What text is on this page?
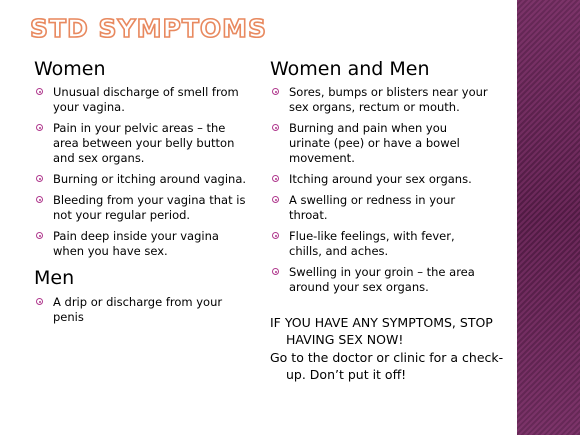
STD SYMPTOMS
Women
Unusual discharge of smell from your vagina.
Pain in your pelvic areas – the area between your belly button and sex organs.
Burning or itching around vagina.
Bleeding from your vagina that is not your regular period.
Pain deep inside your vagina when you have sex.
Men
A drip or discharge from your penis
Women and Men
Sores, bumps or blisters near your sex organs, rectum or mouth.
Burning and pain when you urinate (pee) or have a bowel movement.
Itching around your sex organs.
A swelling or redness in your throat.
Flue-like feelings, with fever, chills, and aches.
Swelling in your groin – the area around your sex organs.
IF YOU HAVE ANY SYMPTOMS, STOP HAVING SEX NOW!
Go to the doctor or clinic for a check-up. Don’t put it off!
